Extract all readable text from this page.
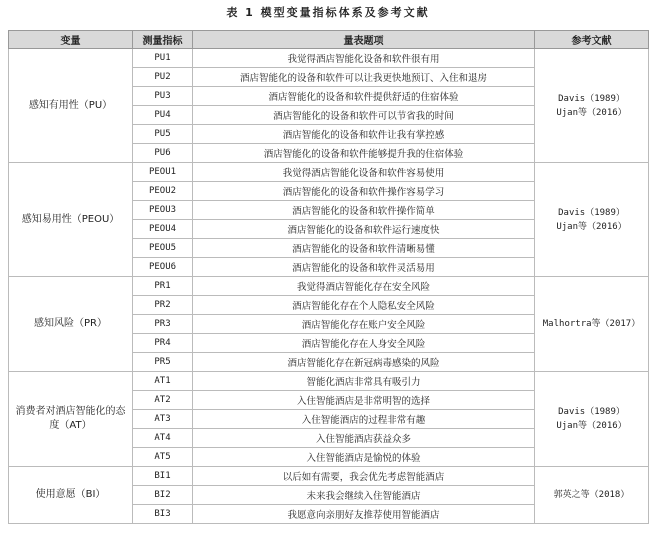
表 1 模型变量指标体系及参考文献
变量	测量指标	量表题项	参考文献
感知有用性（PU）	PU1	我觉得酒店智能化设备和软件很有用	Davis（1989）
Ujan等（2016）

	PU2	酒店智能化的设备和软件可以让我更快地预订、入住和退房	
	PU3	酒店智能化的设备和软件提供舒适的住宿体验	
	PU4	酒店智能化的设备和软件可以节省我的时间	
	PU5	酒店智能化的设备和软件让我有掌控感	
	PU6	酒店智能化的设备和软件能够提升我的住宿体验	
感知易用性（PEOU）	PEOU1	我觉得酒店智能化设备和软件容易使用	Davis（1989）
Ujan等（2016）

	PEOU2	酒店智能化的设备和软件操作容易学习	
	PEOU3	酒店智能化的设备和软件操作简单	
	PEOU4	酒店智能化的设备和软件运行速度快	
	PEOU5	酒店智能化的设备和软件清晰易懂	
	PEOU6	酒店智能化的设备和软件灵活易用	
感知风险（PR）	PR1	我觉得酒店智能化存在安全风险	Malhortra等（2017）

	PR2	酒店智能化存在个人隐私安全风险	
	PR3	酒店智能化存在账户安全风险	
	PR4	酒店智能化存在人身安全风险	
	PR5	酒店智能化存在新冠病毒感染的风险	
消费者对酒店智能化的态度（AT）	AT1	智能化酒店非常具有吸引力	Davis（1989）
Ujan等（2016）

	AT2	入住智能酒店是非常明智的选择	
	AT3	入住智能酒店的过程非常有趣	
	AT4	入住智能酒店获益众多	
	AT5	入住智能酒店是愉悦的体验	
使用意愿（BI）	BI1	以后如有需要，我会优先考虑智能酒店	郭英之等（2018）

	BI2	未来我会继续入住智能酒店	
	BI3	我愿意向亲朋好友推荐使用智能酒店	
